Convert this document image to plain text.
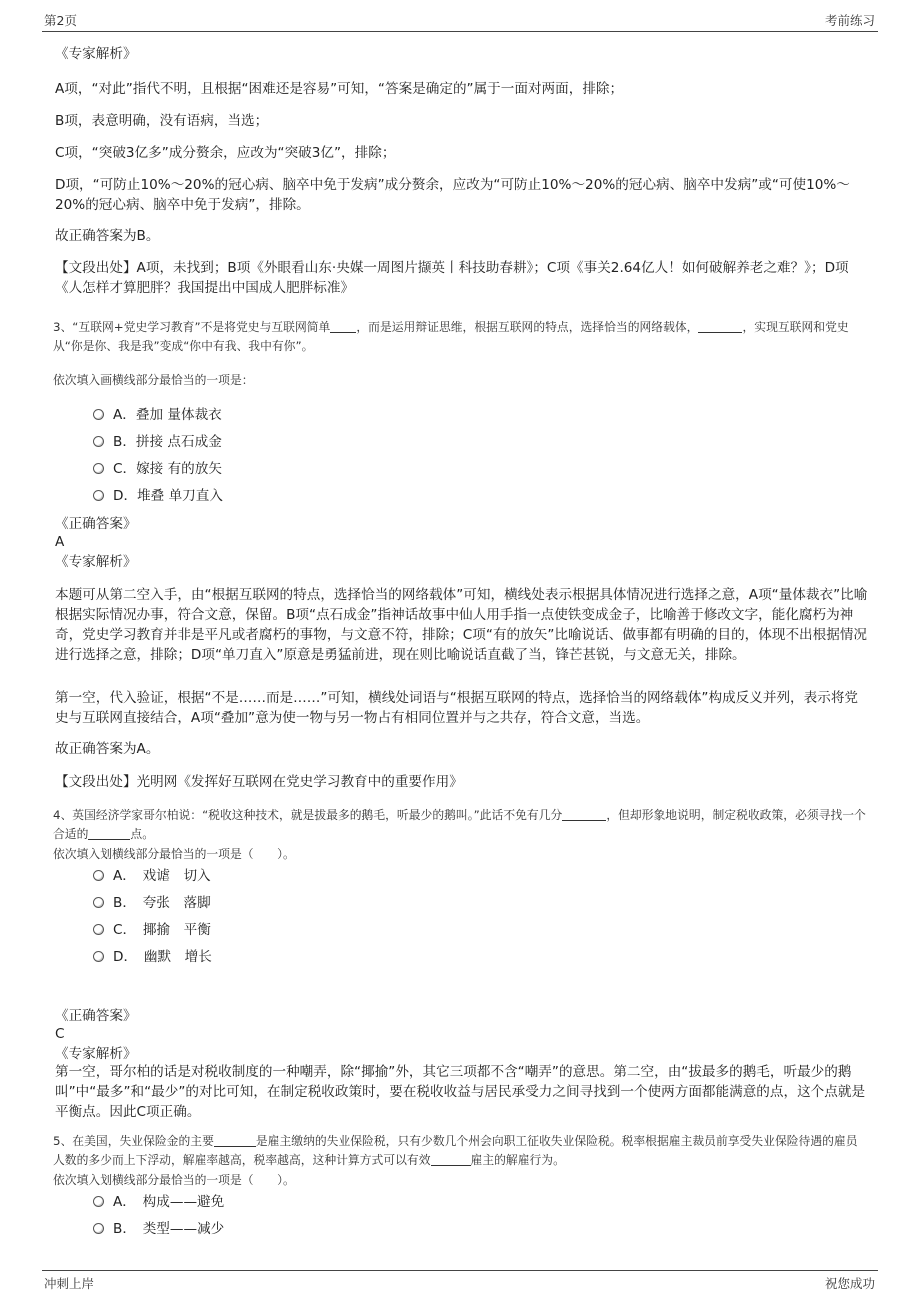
第2页	考前练习
《专家解析》
A项，“对此”指代不明，且根据“困难还是容易”可知，“答案是确定的”属于一面对两面，排除；
B项，表意明确，没有语病，当选；
C项，“突破3亿多”成分赘余，应改为“突破3亿”，排除；
D项，“可防止10%～20%的冠心病、脑卒中免于发病”成分赘余，应改为“可防止10%～20%的冠心病、脑卒中发病”或“可使10%～20%的冠心病、脑卒中免于发病”，排除。
故正确答案为B。
【文段出处】A项，未找到；B项《外眼看山东·央媒一周图片撷英丨科技助春耕》；C项《事关2.64亿人！如何破解养老之难？》；D项《人怎样才算肥胖？我国提出中国成人肥胖标准》
3、“互联网+党史学习教育”不是将党史与互联网简单 ，而是运用辩证思维，根据互联网的特点，选择恰当的网络载体，	，实现互联网和党史从“你是你、我是我”变成“你中有我、我中有你”。
依次填入画横线部分最恰当的一项是：
A．叠加 量体裁衣
B．拼接 点石成金
C．嫁接 有的放矢
D．堆叠 单刀直入
《正确答案》
A
《专家解析》
本题可从第二空入手，由“根据互联网的特点，选择恰当的网络载体”可知，横线处表示根据具体情况进行选择之意，A项“量体裁衣”比喻根据实际情况办事，符合文意，保留。B项“点石成金”指神话故事中仙人用手指一点使铁变成金子，比喻善于修改文字，能化腐朽为神奇，党史学习教育并非是平凡或者腐朽的事物，与文意不符，排除；C项“有的放矢”比喻说话、做事都有明确的目的，体现不出根据情况进行选择之意，排除；D项“单刀直入”原意是勇猛前进，现在则比喻说话直截了当，锋芒甚锐，与文意无关，排除。
第一空，代入验证，根据“不是……而是……”可知，横线处词语与“根据互联网的特点，选择恰当的网络载体”构成反义并列，表示将党史与互联网直接结合，A项“叠加”意为使一物与另一物占有相同位置并与之共存，符合文意，当选。
故正确答案为A。
【文段出处】光明网《发挥好互联网在党史学习教育中的重要作用》
4、英国经济学家哥尔柏说：“税收这种技术，就是拔最多的鹅毛，听最少的鹅叫。”此话不免有几分	，但却形象地说明，制定税收政策，必须寻找一个合适的	点。
依次填入划横线部分最恰当的一项是（　　）。
A．　戏谑　切入
B．　夸张　落脚
C．　揶揄　平衡
D．　幽默　增长
《正确答案》
C
《专家解析》
第一空，哥尔柏的话是对税收制度的一种嘲弄，除“揶揄”外，其它三项都不含“嘲弄”的意思。第二空，由“拔最多的鹅毛，听最少的鹅叫”中“最多”和“最少”的对比可知，在制定税收政策时，要在税收收益与居民承受力之间寻找到一个使两方面都能满意的点，这个点就是平衡点。因此C项正确。
5、在美国，失业保险金的主要	是雇主缴纳的失业保险税，只有少数几个州会向职工征收失业保险税。税率根据雇主裁员前享受失业保险待遇的雇员人数的多少而上下浮动，解雇率越高，税率越高，这种计算方式可以有效	雇主的解雇行为。
依次填入划横线部分最恰当的一项是（　　）。
A．　构成——避免
B．　类型——减少
冲刺上岸	祝您成功
